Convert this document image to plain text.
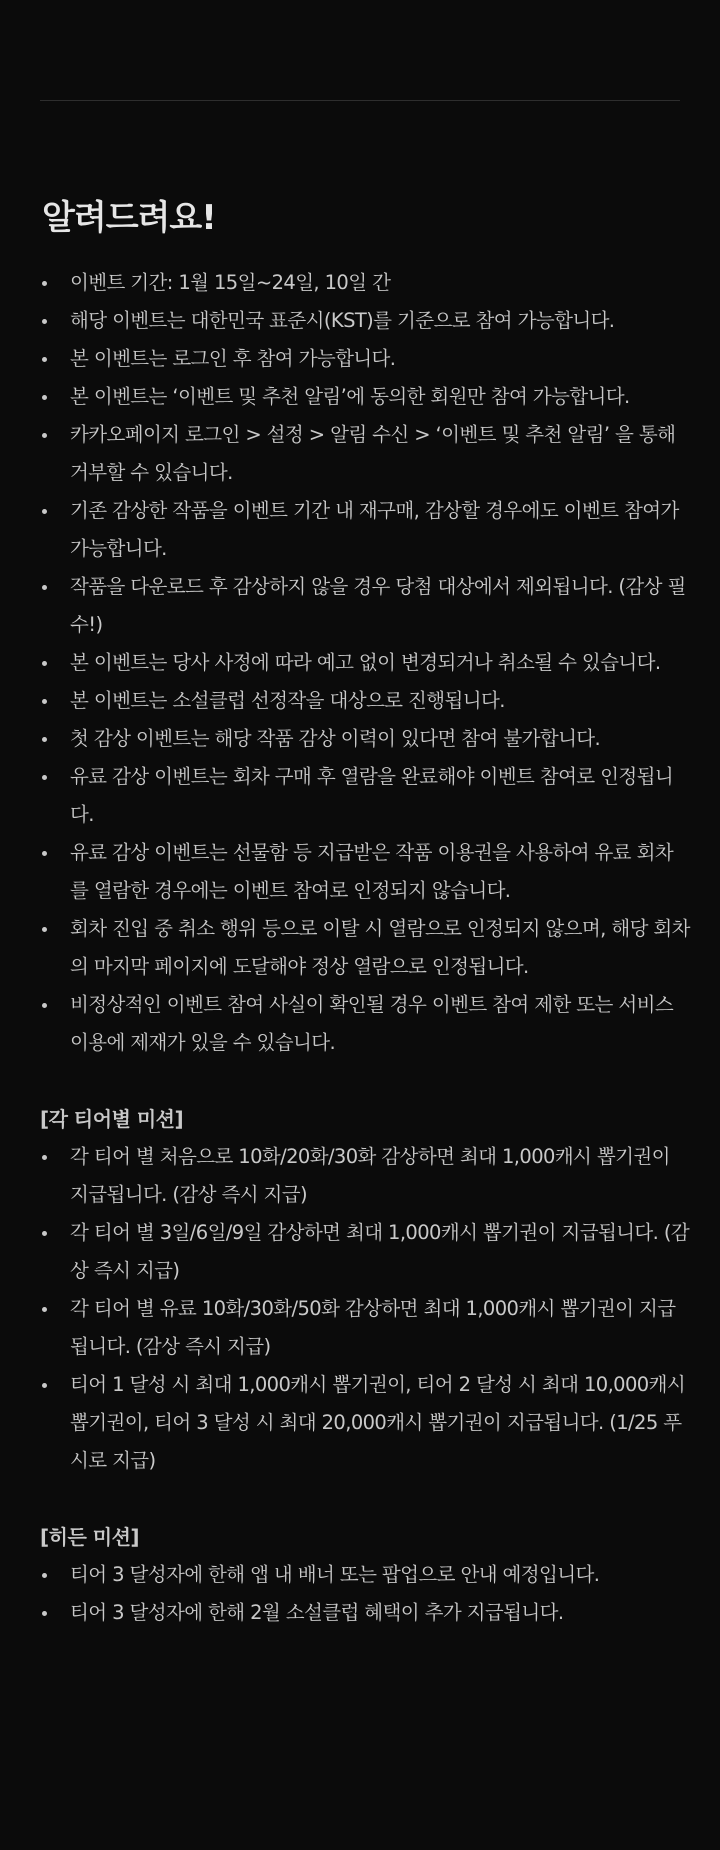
알려드려요!
이벤트 기간: 1월 15일~24일, 10일 간
해당 이벤트는 대한민국 표준시(KST)를 기준으로 참여 가능합니다.
본 이벤트는 로그인 후 참여 가능합니다.
본 이벤트는 ‘이벤트 및 추천 알림’에 동의한 회원만 참여 가능합니다.
카카오페이지 로그인 > 설정 > 알림 수신 > ‘이벤트 및 추천 알림’ 을 통해 거부할 수 있습니다.
기존 감상한 작품을 이벤트 기간 내 재구매, 감상할 경우에도 이벤트 참여가 가능합니다.
작품을 다운로드 후 감상하지 않을 경우 당첨 대상에서 제외됩니다. (감상 필수!)
본 이벤트는 당사 사정에 따라 예고 없이 변경되거나 취소될 수 있습니다.
본 이벤트는 소설클럽 선정작을 대상으로 진행됩니다.
첫 감상 이벤트는 해당 작품 감상 이력이 있다면 참여 불가합니다.
유료 감상 이벤트는 회차 구매 후 열람을 완료해야 이벤트 참여로 인정됩니다.
유료 감상 이벤트는 선물함 등 지급받은 작품 이용권을 사용하여 유료 회차를 열람한 경우에는 이벤트 참여로 인정되지 않습니다.
회차 진입 중 취소 행위 등으로 이탈 시 열람으로 인정되지 않으며, 해당 회차의 마지막 페이지에 도달해야 정상 열람으로 인정됩니다.
비정상적인 이벤트 참여 사실이 확인될 경우 이벤트 참여 제한 또는 서비스 이용에 제재가 있을 수 있습니다.
[각 티어별 미션]
각 티어 별 처음으로 10화/20화/30화 감상하면 최대 1,000캐시 뽑기권이 지급됩니다. (감상 즉시 지급)
각 티어 별 3일/6일/9일 감상하면 최대 1,000캐시 뽑기권이 지급됩니다. (감상 즉시 지급)
각 티어 별 유료 10화/30화/50화 감상하면 최대 1,000캐시 뽑기권이 지급됩니다. (감상 즉시 지급)
티어 1 달성 시 최대 1,000캐시 뽑기권이, 티어 2 달성 시 최대 10,000캐시 뽑기권이, 티어 3 달성 시 최대 20,000캐시 뽑기권이 지급됩니다. (1/25 푸시로 지급)
[히든 미션]
티어 3 달성자에 한해 앱 내 배너 또는 팝업으로 안내 예정입니다.
티어 3 달성자에 한해 2월 소설클럽 혜택이 추가 지급됩니다.
